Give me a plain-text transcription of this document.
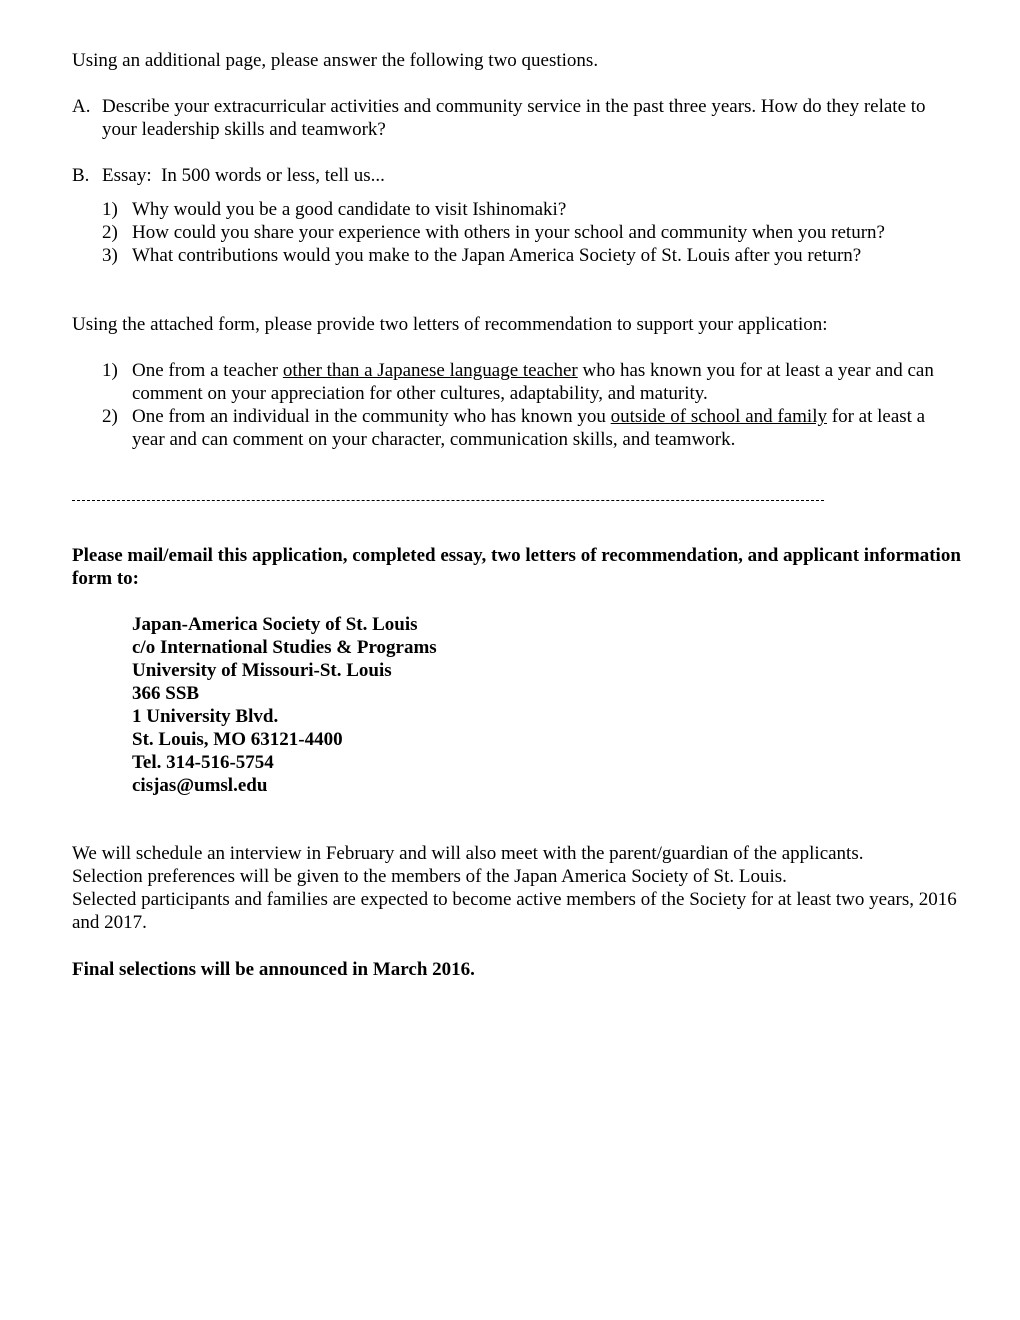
Using an additional page, please answer the following two questions.

A. Describe your extracurricular activities and community service in the past three years. How do they relate to your leadership skills and teamwork?
B. Essay:  In 500 words or less, tell us...
1) Why would you be a good candidate to visit Ishinomaki?
2) How could you share your experience with others in your school and community when you return?
3) What contributions would you make to the Japan America Society of St. Louis after you return?

Using the attached form, please provide two letters of recommendation to support your application:

1) One from a teacher other than a Japanese language teacher who has known you for at least a year and can comment on your appreciation for other cultures, adaptability, and maturity.
2) One from an individual in the community who has known you outside of school and family for at least a year and can comment on your character, communication skills, and teamwork.

Please mail/email this application, completed essay, two letters of recommendation, and applicant information form to:

Japan-America Society of St. Louis
c/o International Studies & Programs
University of Missouri-St. Louis
366 SSB
1 University Blvd.
St. Louis, MO 63121-4400
Tel. 314-516-5754
cisjas@umsl.edu
We will schedule an interview in February and will also meet with the parent/guardian of the applicants.
Selection preferences will be given to the members of the Japan America Society of St. Louis.
Selected participants and families are expected to become active members of the Society for at least two years, 2016 and 2017.

Final selections will be announced in March 2016.
